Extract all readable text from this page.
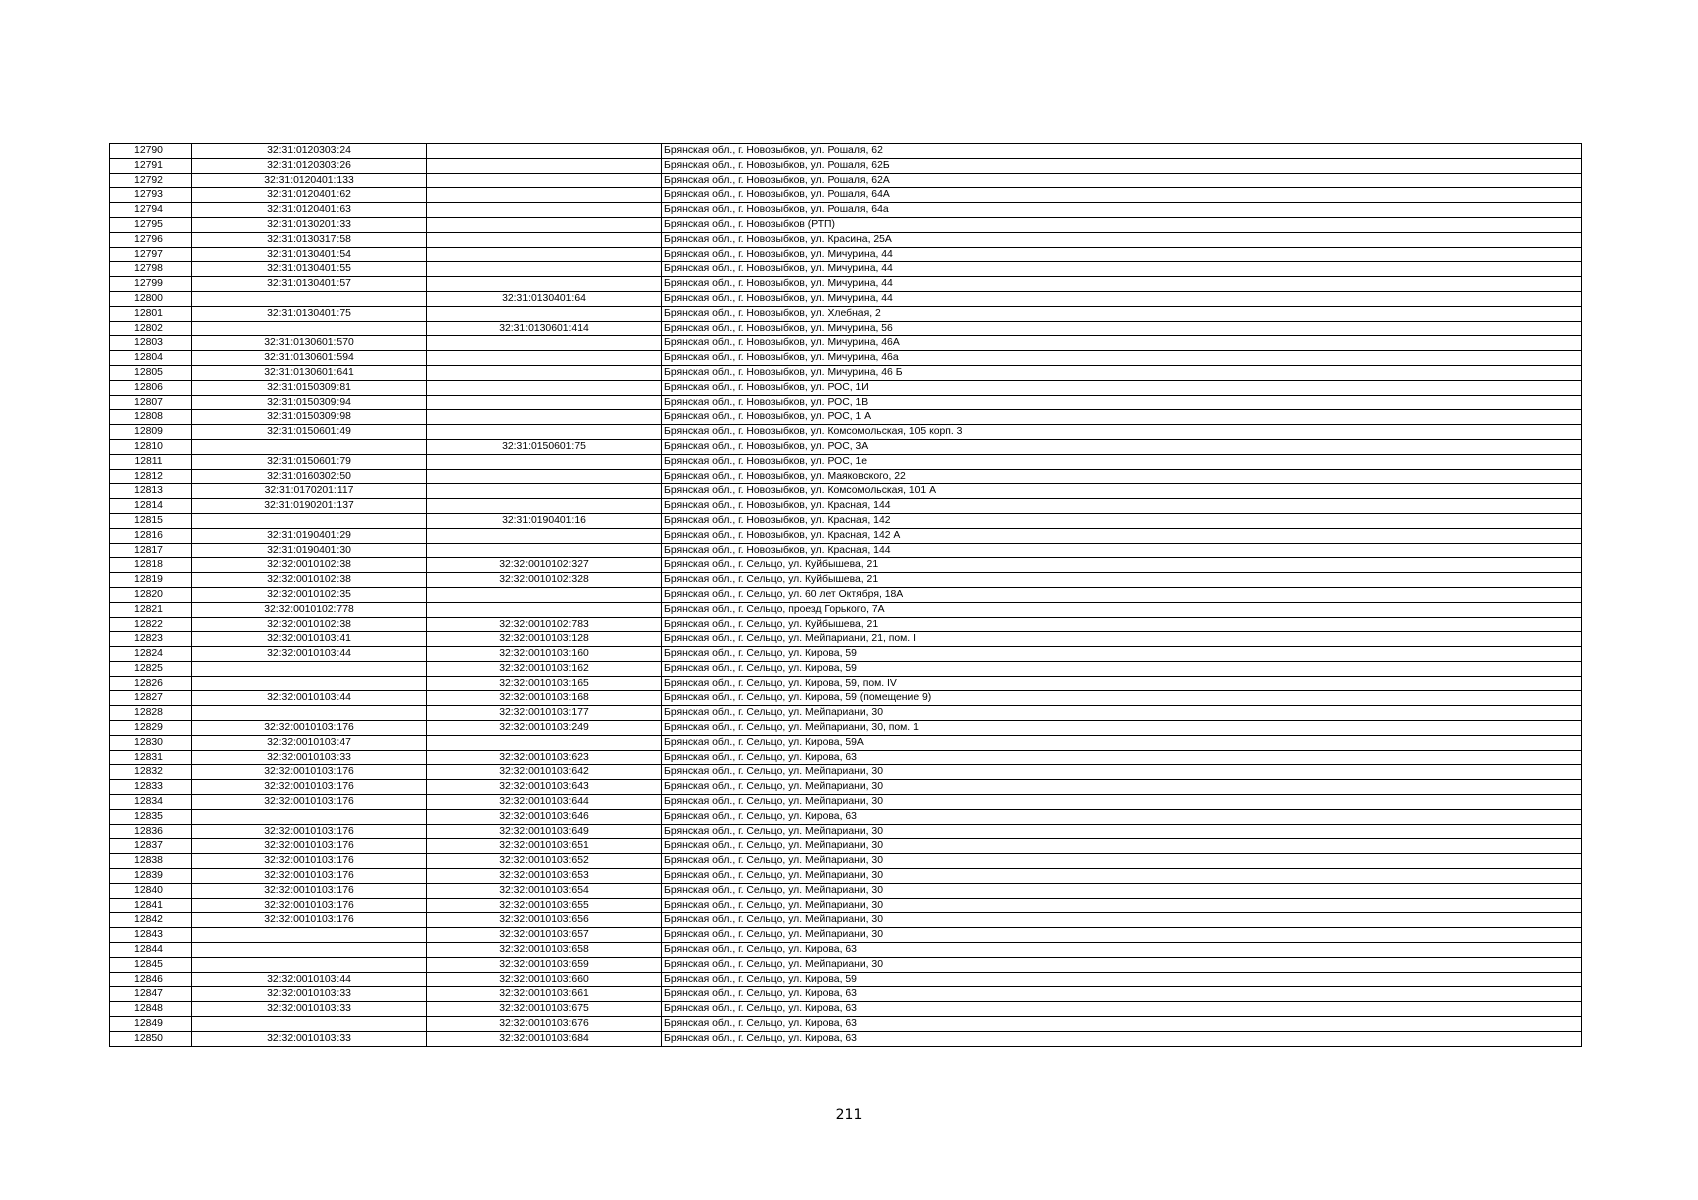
12790	32:31:0120303:24		Брянская обл., г. Новозыбков, ул. Рошаля, 62
12791	32:31:0120303:26		Брянская обл., г. Новозыбков, ул. Рошаля, 62Б
12792	32:31:0120401:133		Брянская обл., г. Новозыбков, ул. Рошаля, 62А
12793	32:31:0120401:62		Брянская обл., г. Новозыбков, ул. Рошаля, 64А
12794	32:31:0120401:63		Брянская обл., г. Новозыбков, ул. Рошаля, 64а
12795	32:31:0130201:33		Брянская обл., г. Новозыбков (РТП)
12796	32:31:0130317:58		Брянская обл., г. Новозыбков, ул. Красина, 25А
12797	32:31:0130401:54		Брянская обл., г. Новозыбков, ул. Мичурина, 44
12798	32:31:0130401:55		Брянская обл., г. Новозыбков, ул. Мичурина, 44
12799	32:31:0130401:57		Брянская обл., г. Новозыбков, ул. Мичурина, 44
12800		32:31:0130401:64	Брянская обл., г. Новозыбков, ул. Мичурина, 44
12801	32:31:0130401:75		Брянская обл., г. Новозыбков, ул. Хлебная, 2
12802		32:31:0130601:414	Брянская обл., г. Новозыбков, ул. Мичурина, 56
12803	32:31:0130601:570		Брянская обл., г. Новозыбков, ул. Мичурина, 46А
12804	32:31:0130601:594		Брянская обл., г. Новозыбков, ул. Мичурина, 46а
12805	32:31:0130601:641		Брянская обл., г. Новозыбков, ул. Мичурина, 46 Б
12806	32:31:0150309:81		Брянская обл., г. Новозыбков, ул. РОС, 1И
12807	32:31:0150309:94		Брянская обл., г. Новозыбков, ул. РОС, 1В
12808	32:31:0150309:98		Брянская обл., г. Новозыбков, ул. РОС, 1 А
12809	32:31:0150601:49		Брянская обл., г. Новозыбков, ул. Комсомольская, 105 корп. 3
12810		32:31:0150601:75	Брянская обл., г. Новозыбков, ул. РОС, 3А
12811	32:31:0150601:79		Брянская обл., г. Новозыбков, ул. РОС, 1е
12812	32:31:0160302:50		Брянская обл., г. Новозыбков, ул. Маяковского, 22
12813	32:31:0170201:117		Брянская обл., г. Новозыбков, ул. Комсомольская, 101 А
12814	32:31:0190201:137		Брянская обл., г. Новозыбков, ул. Красная, 144
12815		32:31:0190401:16	Брянская обл., г. Новозыбков, ул. Красная, 142
12816	32:31:0190401:29		Брянская обл., г. Новозыбков, ул. Красная, 142 А
12817	32:31:0190401:30		Брянская обл., г. Новозыбков, ул. Красная, 144
12818	32:32:0010102:38	32:32:0010102:327	Брянская обл., г. Сельцо, ул. Куйбышева, 21
12819	32:32:0010102:38	32:32:0010102:328	Брянская обл., г. Сельцо, ул. Куйбышева, 21
12820	32:32:0010102:35		Брянская обл., г. Сельцо, ул. 60 лет Октября, 18А
12821	32:32:0010102:778		Брянская обл., г. Сельцо, проезд Горького, 7А
12822	32:32:0010102:38	32:32:0010102:783	Брянская обл., г. Сельцо, ул. Куйбышева, 21
12823	32:32:0010103:41	32:32:0010103:128	Брянская обл., г. Сельцо, ул. Мейпариани, 21, пом. I
12824	32:32:0010103:44	32:32:0010103:160	Брянская обл., г. Сельцо, ул. Кирова, 59
12825		32:32:0010103:162	Брянская обл., г. Сельцо, ул. Кирова, 59
12826		32:32:0010103:165	Брянская обл., г. Сельцо, ул. Кирова, 59, пом. IV
12827	32:32:0010103:44	32:32:0010103:168	Брянская обл., г. Сельцо, ул. Кирова, 59 (помещение 9)
12828		32:32:0010103:177	Брянская обл., г. Сельцо, ул. Мейпариани, 30
12829	32:32:0010103:176	32:32:0010103:249	Брянская обл., г. Сельцо, ул. Мейпариани, 30, пом. 1
12830	32:32:0010103:47		Брянская обл., г. Сельцо, ул. Кирова, 59А
12831	32:32:0010103:33	32:32:0010103:623	Брянская обл., г. Сельцо, ул. Кирова, 63
12832	32:32:0010103:176	32:32:0010103:642	Брянская обл., г. Сельцо, ул. Мейпариани, 30
12833	32:32:0010103:176	32:32:0010103:643	Брянская обл., г. Сельцо, ул. Мейпариани, 30
12834	32:32:0010103:176	32:32:0010103:644	Брянская обл., г. Сельцо, ул. Мейпариани, 30
12835		32:32:0010103:646	Брянская обл., г. Сельцо, ул. Кирова, 63
12836	32:32:0010103:176	32:32:0010103:649	Брянская обл., г. Сельцо, ул. Мейпариани, 30
12837	32:32:0010103:176	32:32:0010103:651	Брянская обл., г. Сельцо, ул. Мейпариани, 30
12838	32:32:0010103:176	32:32:0010103:652	Брянская обл., г. Сельцо, ул. Мейпариани, 30
12839	32:32:0010103:176	32:32:0010103:653	Брянская обл., г. Сельцо, ул. Мейпариани, 30
12840	32:32:0010103:176	32:32:0010103:654	Брянская обл., г. Сельцо, ул. Мейпариани, 30
12841	32:32:0010103:176	32:32:0010103:655	Брянская обл., г. Сельцо, ул. Мейпариани, 30
12842	32:32:0010103:176	32:32:0010103:656	Брянская обл., г. Сельцо, ул. Мейпариани, 30
12843		32:32:0010103:657	Брянская обл., г. Сельцо, ул. Мейпариани, 30
12844		32:32:0010103:658	Брянская обл., г. Сельцо, ул. Кирова, 63
12845		32:32:0010103:659	Брянская обл., г. Сельцо, ул. Мейпариани, 30
12846	32:32:0010103:44	32:32:0010103:660	Брянская обл., г. Сельцо, ул. Кирова, 59
12847	32:32:0010103:33	32:32:0010103:661	Брянская обл., г. Сельцо, ул. Кирова, 63
12848	32:32:0010103:33	32:32:0010103:675	Брянская обл., г. Сельцо, ул. Кирова, 63
12849		32:32:0010103:676	Брянская обл., г. Сельцо, ул. Кирова, 63
12850	32:32:0010103:33	32:32:0010103:684	Брянская обл., г. Сельцо, ул. Кирова, 63
211
